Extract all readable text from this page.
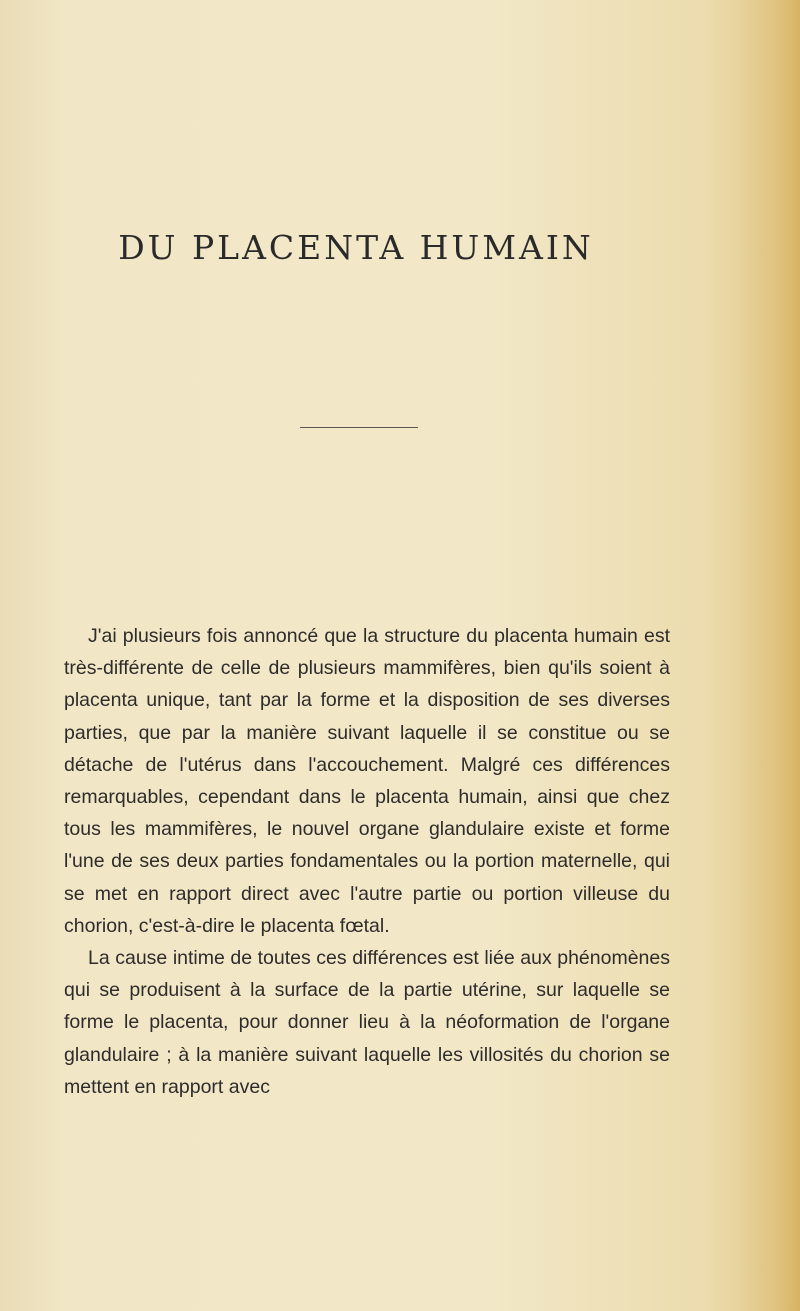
DU PLACENTA HUMAIN

J'ai plusieurs fois annoncé que la structure du placenta humain est très-différente de celle de plusieurs mammifères, bien qu'ils soient à placenta unique, tant par la forme et la disposition de ses diverses parties, que par la manière suivant laquelle il se constitue ou se détache de l'utérus dans l'accouchement. Malgré ces différences remarquables, cependant dans le placenta humain, ainsi que chez tous les mammifères, le nouvel organe glandulaire existe et forme l'une de ses deux parties fondamentales ou la portion maternelle, qui se met en rapport direct avec l'autre partie ou portion villeuse du chorion, c'est-à-dire le placenta fœtal.

La cause intime de toutes ces différences est liée aux phénomènes qui se produisent à la surface de la partie utérine, sur laquelle se forme le placenta, pour donner lieu à la néoformation de l'organe glandulaire ; à la manière suivant laquelle les villosités du chorion se mettent en rapport avec
